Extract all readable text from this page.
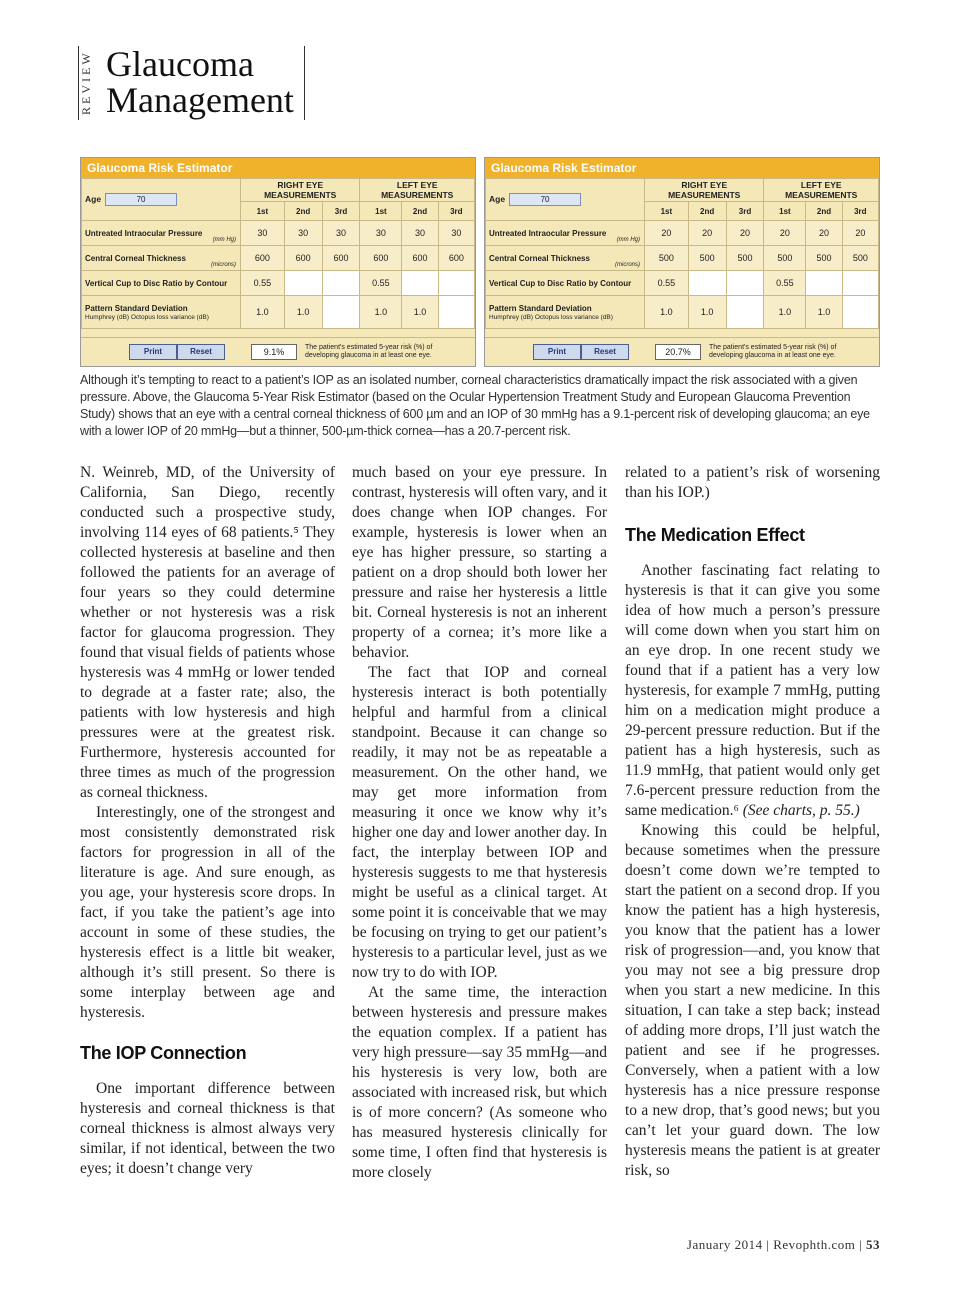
REVIEW Glaucoma
Management
Glaucoma Risk Estimator
Age 70	RIGHT EYE MEASUREMENTS			LEFT EYE MEASUREMENTS		
	1st	2nd	3rd	1st	2nd	3rd
Untreated Intraocular Pressure
(mm Hg)	30	30	30	30	30	30
Central Corneal Thickness
(microns)	600	600	600	600	600	600
Vertical Cup to Disc Ratio by Contour	0.55			0.55		
Pattern Standard Deviation
Humphrey (dB) Octopus loss variance (dB)	1.0	1.0		1.0	1.0	
Print	Reset	9.1%	The patient's estimated 5-year risk (%) of developing glaucoma in at least one eye.
Glaucoma Risk Estimator
Age 70	RIGHT EYE MEASUREMENTS			LEFT EYE MEASUREMENTS		
	1st	2nd	3rd	1st	2nd	3rd
Untreated Intraocular Pressure
(mm Hg)	20	20	20	20	20	20
Central Corneal Thickness
(microns)	500	500	500	500	500	500
Vertical Cup to Disc Ratio by Contour	0.55			0.55		
Pattern Standard Deviation
Humphrey (dB) Octopus loss variance (dB)	1.0	1.0		1.0	1.0	
Print	Reset	20.7%	The patient's estimated 5-year risk (%) of developing glaucoma in at least one eye.
Although it’s tempting to react to a patient’s IOP as an isolated number, corneal characteristics dramatically impact the risk associated with a given pressure. Above, the Glaucoma 5-Year Risk Estimator (based on the Ocular Hypertension Treatment Study and European Glaucoma Prevention Study) shows that an eye with a central corneal thickness of 600 µm and an IOP of 30 mmHg has a 9.1-percent risk of developing glaucoma; an eye with a lower IOP of 20 mmHg—but a thinner, 500-µm-thick cornea—has a 20.7-percent risk.

N. Weinreb, MD, of the University of California, San Diego, recently conducted such a prospective study, involving 114 eyes of 68 patients.⁵ They collected hysteresis at baseline and then followed the patients for an average of four years so they could determine whether or not hysteresis was a risk factor for glaucoma progression. They found that visual fields of patients whose hysteresis was 4 mmHg or lower tended to degrade at a faster rate; also, the patients with low hysteresis and high pressures were at the greatest risk. Furthermore, hysteresis accounted for three times as much of the progression as corneal thickness.

Interestingly, one of the strongest and most consistently demonstrated risk factors for progression in all of the literature is age. And sure enough, as you age, your hysteresis score drops. In fact, if you take the patient’s age into account in some of these studies, the hysteresis effect is a little bit weaker, although it’s still present. So there is some interplay between age and hysteresis.

The IOP Connection

One important difference between hysteresis and corneal thickness is that corneal thickness is almost always very similar, if not identical, between the two eyes; it doesn’t change very

much based on your eye pressure. In contrast, hysteresis will often vary, and it does change when IOP changes. For example, hysteresis is lower when an eye has higher pressure, so starting a patient on a drop should both lower her pressure and raise her hysteresis a little bit. Corneal hysteresis is not an inherent property of a cornea; it’s more like a behavior.

The fact that IOP and corneal hysteresis interact is both potentially helpful and harmful from a clinical standpoint. Because it can change so readily, it may not be as repeatable a measurement. On the other hand, we may get more information from measuring it once we know why it’s higher one day and lower another day. In fact, the interplay between IOP and hysteresis suggests to me that hysteresis might be useful as a clinical target. At some point it is conceivable that we may be focusing on trying to get our patient’s hysteresis to a particular level, just as we now try to do with IOP.

At the same time, the interaction between hysteresis and pressure makes the equation complex. If a patient has very high pressure—say 35 mmHg—and his hysteresis is very low, both are associated with increased risk, but which is of more concern? (As someone who has measured hysteresis clinically for some time, I often find that hysteresis is more closely

related to a patient’s risk of worsening than his IOP.)

The Medication Effect

Another fascinating fact relating to hysteresis is that it can give you some idea of how much a person’s pressure will come down when you start him on an eye drop. In one recent study we found that if a patient has a very low hysteresis, for example 7 mmHg, putting him on a medication might produce a 29-percent pressure reduction. But if the patient has a high hysteresis, such as 11.9 mmHg, that patient would only get 7.6-percent pressure reduction from the same medication.⁶ (See charts, p. 55.)

Knowing this could be helpful, because sometimes when the pressure doesn’t come down we’re tempted to start the patient on a second drop. If you know the patient has a high hysteresis, you know that the patient has a lower risk of progression—and, you know that you may not see a big pressure drop when you start a new medicine. In this situation, I can take a step back; instead of adding more drops, I’ll just watch the patient and see if he progresses. Conversely, when a patient with a low hysteresis has a nice pressure response to a new drop, that’s good news; but you can’t let your guard down. The low hysteresis means the patient is at greater risk, so

January 2014 | Revophth.com | 53
